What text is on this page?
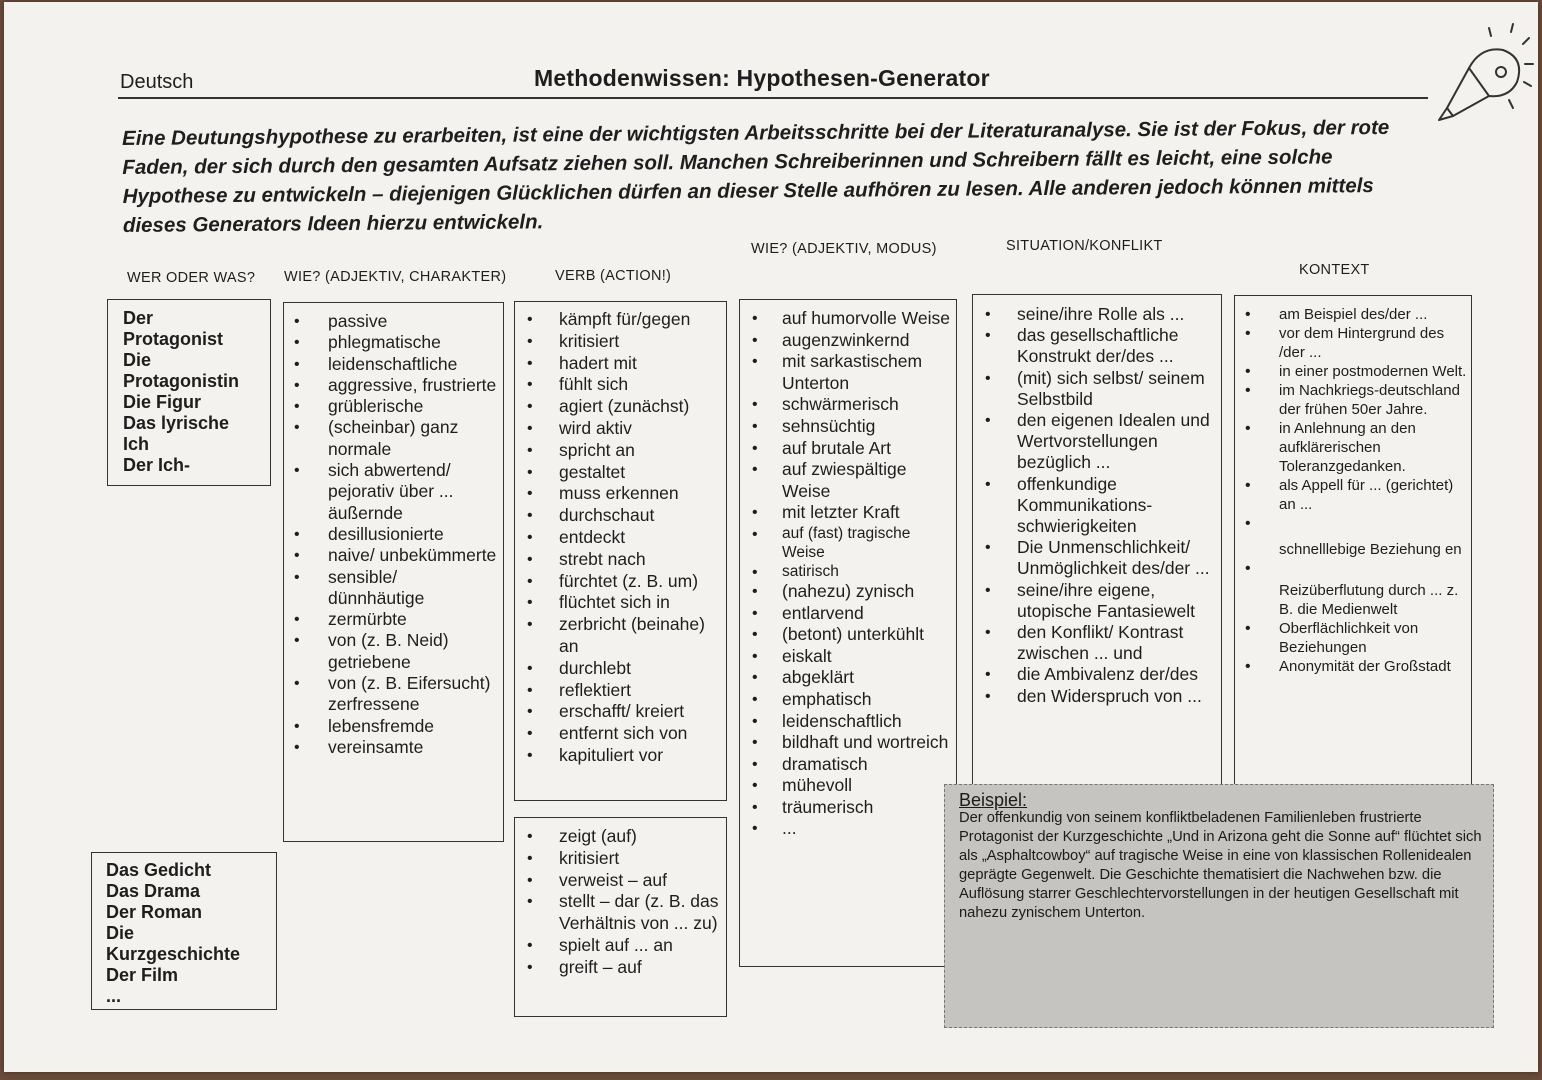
Deutsch	Methodenwissen: Hypothesen-Generator
Eine Deutungshypothese zu erarbeiten, ist eine der wichtigsten Arbeitsschritte bei der Literaturanalyse. Sie ist der Fokus, der rote Faden, der sich durch den gesamten Aufsatz ziehen soll. Manchen Schreiberinnen und Schreibern fällt es leicht, eine solche Hypothese zu entwickeln – diejenigen Glücklichen dürfen an dieser Stelle aufhören zu lesen. Alle anderen jedoch können mittels dieses Generators Ideen hierzu entwickeln.
WER ODER WAS? WIE? (ADJEKTIV, CHARAKTER)	VERB (ACTION!)
WIE? (ADJEKTIV, MODUS)	SITUATION/KONFLIKT
KONTEXT
Der
Protagonist
Die
Protagonistin
Die Figur
Das lyrische
Ich
Der Ich-
Das Gedicht
Das Drama
Der Roman
Die
Kurzgeschichte
Der Film
...
• passive
• phlegmatische
• leidenschaftliche
• aggressive, frustrierte
• grüblerische
• (scheinbar) ganz normale
• sich abwertend/ pejorativ über ... äußernde
• desillusionierte
• naive/ unbekümmerte
• sensible/ dünnhäutige
• zermürbte
• von (z. B. Neid) getriebene
• von (z. B. Eifersucht) zerfressene
• lebensfremde
• vereinsamte
• kämpft für/gegen
• kritisiert
• hadert mit
• fühlt sich
• agiert (zunächst)
• wird aktiv
• spricht an
• gestaltet
• muss erkennen
• durchschaut
• entdeckt
• strebt nach
• fürchtet (z. B. um)
• flüchtet sich in
• zerbricht (beinahe) an
• durchlebt
• reflektiert
• erschafft/ kreiert
• entfernt sich von
• kapituliert vor
• zeigt (auf)
• kritisiert
• verweist – auf
• stellt – dar (z. B. das Verhältnis von ... zu)
• spielt auf ... an
• greift – auf
• auf humorvolle Weise
• augenzwinkernd
• mit sarkastischem Unterton
• schwärmerisch
• sehnsüchtig
• auf brutale Art
• auf zwiespältige Weise
• mit letzter Kraft
• auf (fast) tragische Weise
• satirisch
• (nahezu) zynisch
• entlarvend
• (betont) unterkühlt
• eiskalt
• abgeklärt
• emphatisch
• leidenschaftlich
• bildhaft und wortreich
• dramatisch
• mühevoll
• träumerisch
• ...
• seine/ihre Rolle als ...
• das gesellschaftliche Konstrukt der/des ...
• (mit) sich selbst/ seinem Selbstbild
• den eigenen Idealen und Wertvorstellungen bezüglich ...
• offenkundige Kommunikations-schwierigkeiten
• Die Unmenschlichkeit/ Unmöglichkeit des/der ...
• seine/ihre eigene, utopische Fantasiewelt
• den Konflikt/ Kontrast zwischen ... und
• die Ambivalenz der/des
• den Widerspruch von ...
• am Beispiel des/der ...
• vor dem Hintergrund des /der ...
• in einer postmodernen Welt.
• im Nachkriegs-deutschland der frühen 50er Jahre.
• in Anlehnung an den aufklärerischen Toleranzgedanken.
• als Appell für ... (gerichtet) an ...
• schnelllebige Beziehung en
• Reizüberflutung durch ... z. B. die Medienwelt
• Oberflächlichkeit von Beziehungen
• Anonymität der Großstadt
Beispiel:
Der offenkundig von seinem konfliktbeladenen Familienleben frustrierte Protagonist der Kurzgeschichte „Und in Arizona geht die Sonne auf“ flüchtet sich als „Asphaltcowboy“ auf tragische Weise in eine von klassischen Rollenidealen geprägte Gegenwelt. Die Geschichte thematisiert die Nachwehen bzw. die Auflösung starrer Geschlechtervorstellungen in der heutigen Gesellschaft mit nahezu zynischem Unterton.
